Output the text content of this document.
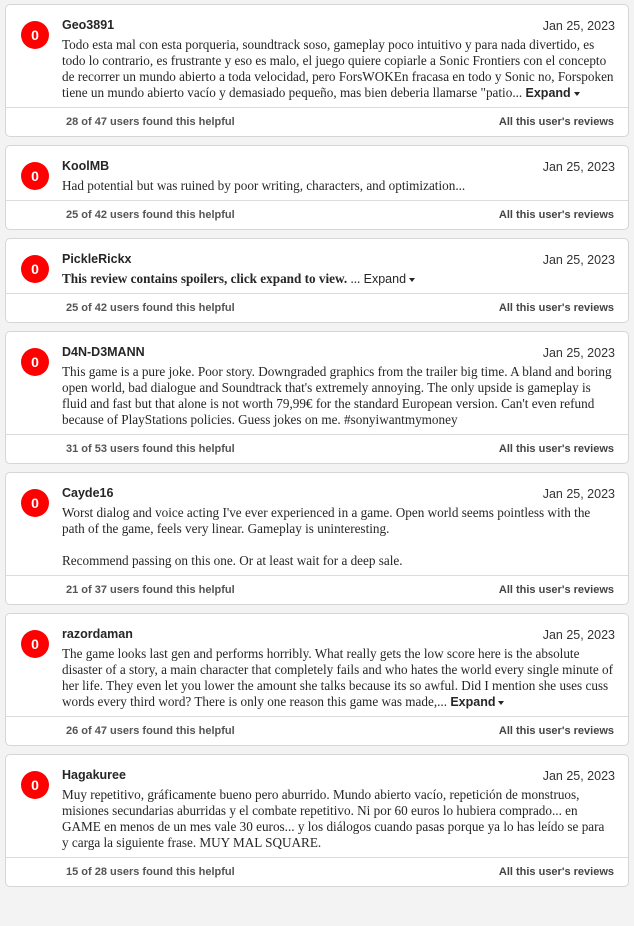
0
Geo3891	Jan 25, 2023

Todo esta mal con esta porqueria, soundtrack soso, gameplay poco intuitivo y para nada divertido, es todo lo contrario, es frustrante y eso es malo, el juego quiere copiarle a Sonic Frontiers con el concepto de recorrer un mundo abierto a toda velocidad, pero ForsWOKEn fracasa en todo y Sonic no, Forspoken tiene un mundo abierto vacío y demasiado pequeño, mas bien deberia llamarse "patio... Expand

28 of 47 users found this helpful	All this user's reviews
0
KoolMB	Jan 25, 2023

Had potential but was ruined by poor writing, characters, and optimization...

25 of 42 users found this helpful	All this user's reviews
0
PickleRickx	Jan 25, 2023

This review contains spoilers, click expand to view. ... Expand

25 of 42 users found this helpful	All this user's reviews
0
D4N-D3MANN	Jan 25, 2023

This game is a pure joke. Poor story. Downgraded graphics from the trailer big time. A bland and boring open world, bad dialogue and Soundtrack that's extremely annoying. The only upside is gameplay is fluid and fast but that alone is not worth 79,99€ for the standard European version. Can't even refund because of PlayStations policies. Guess jokes on me. #sonyiwantmymoney

31 of 53 users found this helpful	All this user's reviews
0
Cayde16	Jan 25, 2023

Worst dialog and voice acting I've ever experienced in a game. Open world seems pointless with the path of the game, feels very linear. Gameplay is uninteresting.

Recommend passing on this one. Or at least wait for a deep sale.

21 of 37 users found this helpful	All this user's reviews
0
razordaman	Jan 25, 2023

The game looks last gen and performs horribly. What really gets the low score here is the absolute disaster of a story, a main character that completely fails and who hates the world every single minute of her life. They even let you lower the amount she talks because its so awful. Did I mention she uses cuss words every third word? There is only one reason this game was made,... Expand

26 of 47 users found this helpful	All this user's reviews
0
Hagakuree	Jan 25, 2023

Muy repetitivo, gráficamente bueno pero aburrido. Mundo abierto vacío, repetición de monstruos, misiones secundarias aburridas y el combate repetitivo. Ni por 60 euros lo hubiera comprado... en GAME en menos de un mes vale 30 euros... y los diálogos cuando pasas porque ya lo has leído se para y carga la siguiente frase. MUY MAL SQUARE.

15 of 28 users found this helpful	All this user's reviews
